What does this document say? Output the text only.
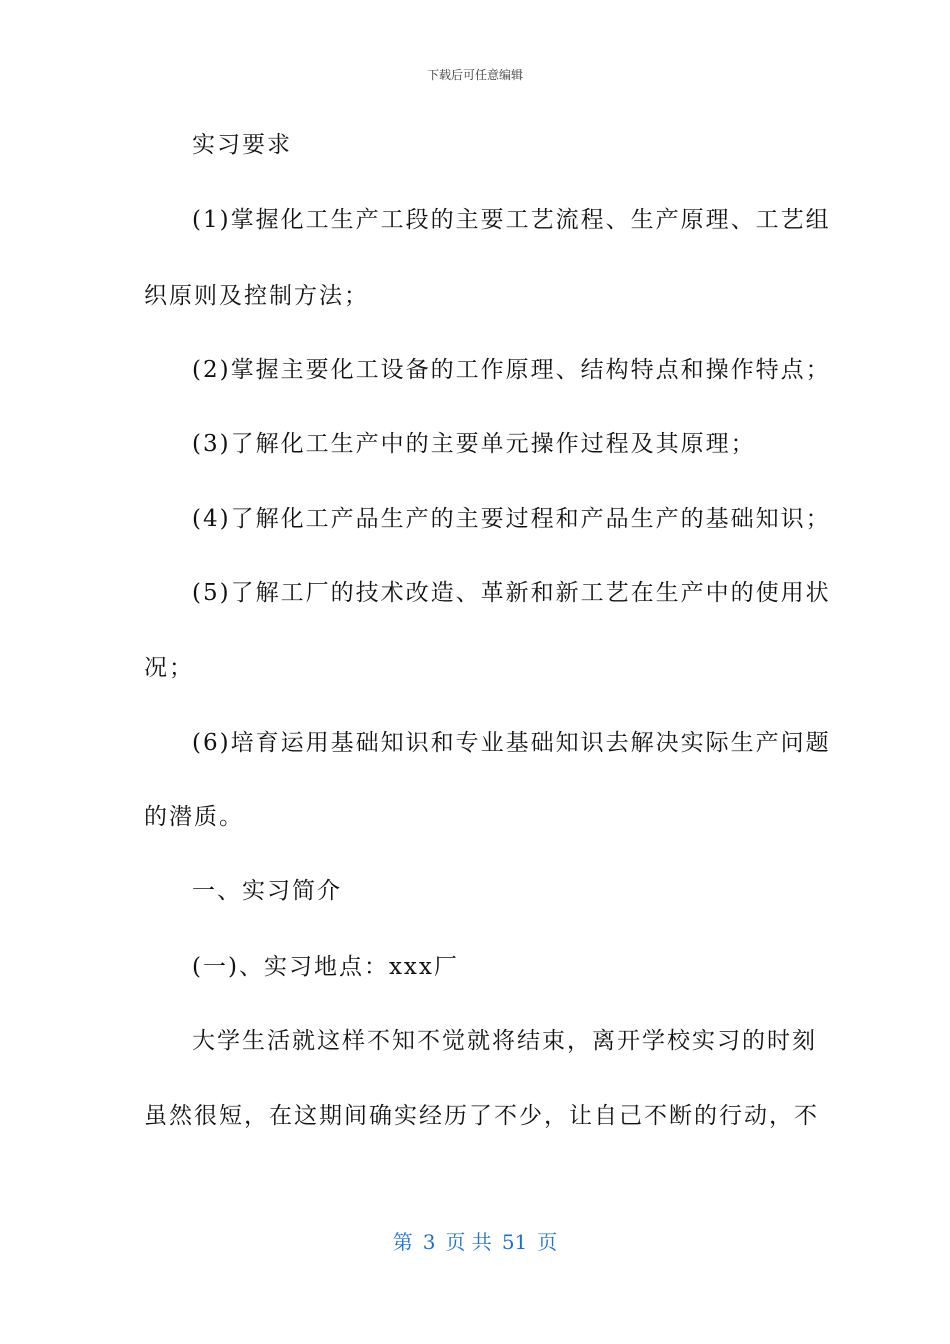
下载后可任意编辑
实习要求
(1)掌握化工生产工段的主要工艺流程、生产原理、工艺组
织原则及控制方法；
(2)掌握主要化工设备的工作原理、结构特点和操作特点；
(3)了解化工生产中的主要单元操作过程及其原理；
(4)了解化工产品生产的主要过程和产品生产的基础知识；
(5)了解工厂的技术改造、革新和新工艺在生产中的使用状
况；
(6)培育运用基础知识和专业基础知识去解决实际生产问题
的潜质。
一、实习简介
(一)、实习地点：xxx厂
大学生活就这样不知不觉就将结束，离开学校实习的时刻
虽然很短，在这期间确实经历了不少，让自己不断的行动，不
第 3 页 共 51 页
